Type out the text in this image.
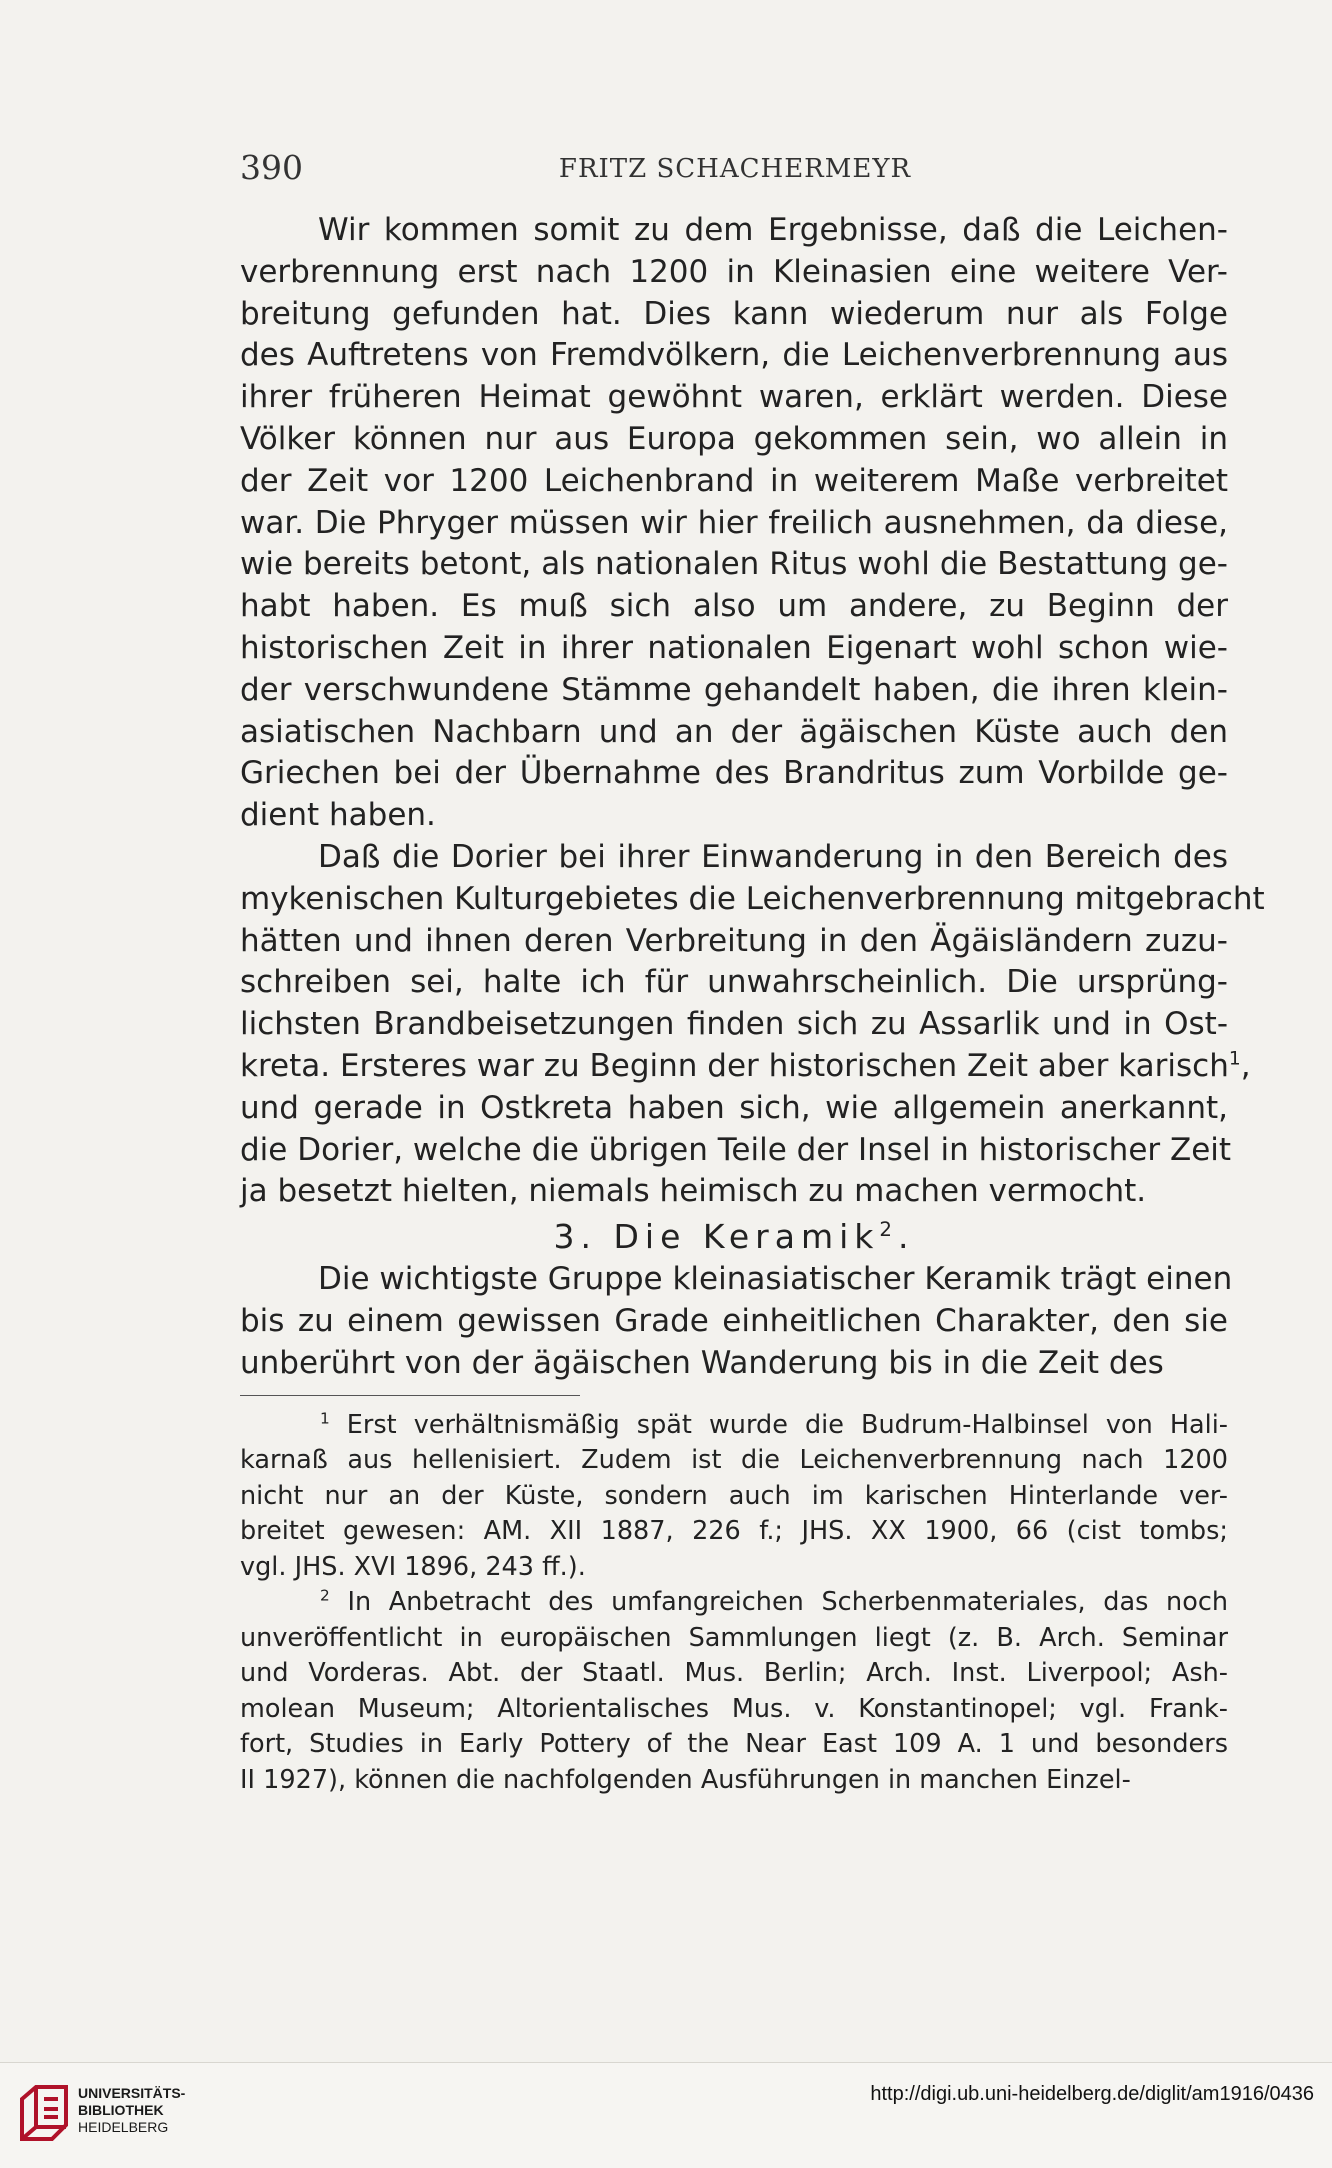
390	FRITZ SCHACHERMEYR

Wir kommen somit zu dem Ergebnisse, daß die Leichen-
verbrennung erst nach 1200 in Kleinasien eine weitere Ver-
breitung gefunden hat. Dies kann wiederum nur als Folge
des Auftretens von Fremdvölkern, die Leichenverbrennung aus
ihrer früheren Heimat gewöhnt waren, erklärt werden. Diese
Völker können nur aus Europa gekommen sein, wo allein in
der Zeit vor 1200 Leichenbrand in weiterem Maße verbreitet
war. Die Phryger müssen wir hier freilich ausnehmen, da diese,
wie bereits betont, als nationalen Ritus wohl die Bestattung ge-
habt haben. Es muß sich also um andere, zu Beginn der
historischen Zeit in ihrer nationalen Eigenart wohl schon wie-
der verschwundene Stämme gehandelt haben, die ihren klein-
asiatischen Nachbarn und an der ägäischen Küste auch den
Griechen bei der Übernahme des Brandritus zum Vorbilde ge-
dient haben.

Daß die Dorier bei ihrer Einwanderung in den Bereich des
mykenischen Kulturgebietes die Leichenverbrennung mitgebracht
hätten und ihnen deren Verbreitung in den Ägäisländern zuzu-
schreiben sei, halte ich für unwahrscheinlich. Die ursprüng-
lichsten Brandbeisetzungen finden sich zu Assarlik und in Ost-
kreta. Ersteres war zu Beginn der historischen Zeit aber karisch$^1$,
und gerade in Ostkreta haben sich, wie allgemein anerkannt,
die Dorier, welche die übrigen Teile der Insel in historischer Zeit
ja besetzt hielten, niemals heimisch zu machen vermocht.

3. Die Keramik$^2$.

Die wichtigste Gruppe kleinasiatischer Keramik trägt einen
bis zu einem gewissen Grade einheitlichen Charakter, den sie
unberührt von der ägäischen Wanderung bis in die Zeit des

$^1$ Erst verhältnismäßig spät wurde die Budrum-Halbinsel von Hali-
karnaß aus hellenisiert. Zudem ist die Leichenverbrennung nach 1200
nicht nur an der Küste, sondern auch im karischen Hinterlande ver-
breitet gewesen: AM. XII 1887, 226 f.; JHS. XX 1900, 66 (cist tombs;
vgl. JHS. XVI 1896, 243 ff.).

$^2$ In Anbetracht des umfangreichen Scherbenmateriales, das noch
unveröffentlicht in europäischen Sammlungen liegt (z. B. Arch. Seminar
und Vorderas. Abt. der Staatl. Mus. Berlin; Arch. Inst. Liverpool; Ash-
molean Museum; Altorientalisches Mus. v. Konstantinopel; vgl. Frank-
fort, Studies in Early Pottery of the Near East 109 A. 1 und besonders
II 1927), können die nachfolgenden Ausführungen in manchen Einzel-

UNIVERSITÄTS-
BIBLIOTHEK
HEIDELBERG
http://digi.ub.uni-heidelberg.de/diglit/am1916/0436
